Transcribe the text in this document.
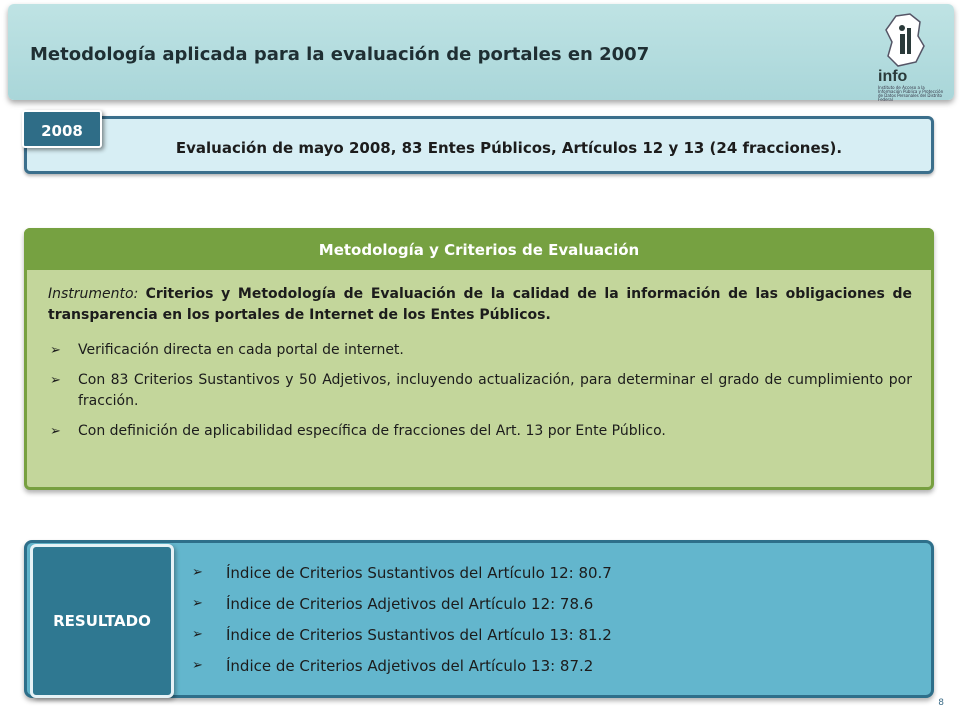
Metodología aplicada para la evaluación de portales en 2007
info
Instituto de Acceso a la Información Pública y Protección de Datos Personales del Distrito Federal
Evaluación de mayo 2008, 83 Entes Públicos, Artículos 12 y 13 (24 fracciones).
2008
Metodología y Criterios de Evaluación

Instrumento: Criterios y Metodología de Evaluación de la calidad de la información de las obligaciones de transparencia en los portales de Internet de los Entes Públicos.

➢ Verificación directa en cada portal de internet.
➢ Con 83 Criterios Sustantivos y 50 Adjetivos, incluyendo actualización, para determinar el grado de cumplimiento por fracción.
➢ Con definición de aplicabilidad específica de fracciones del Art. 13 por Ente Público.
RESULTADO
➢ Índice de Criterios Sustantivos del Artículo 12: 80.7
➢ Índice de Criterios Adjetivos del Artículo 12: 78.6
➢ Índice de Criterios Sustantivos del Artículo 13: 81.2
➢ Índice de Criterios Adjetivos del Artículo 13: 87.2
8
